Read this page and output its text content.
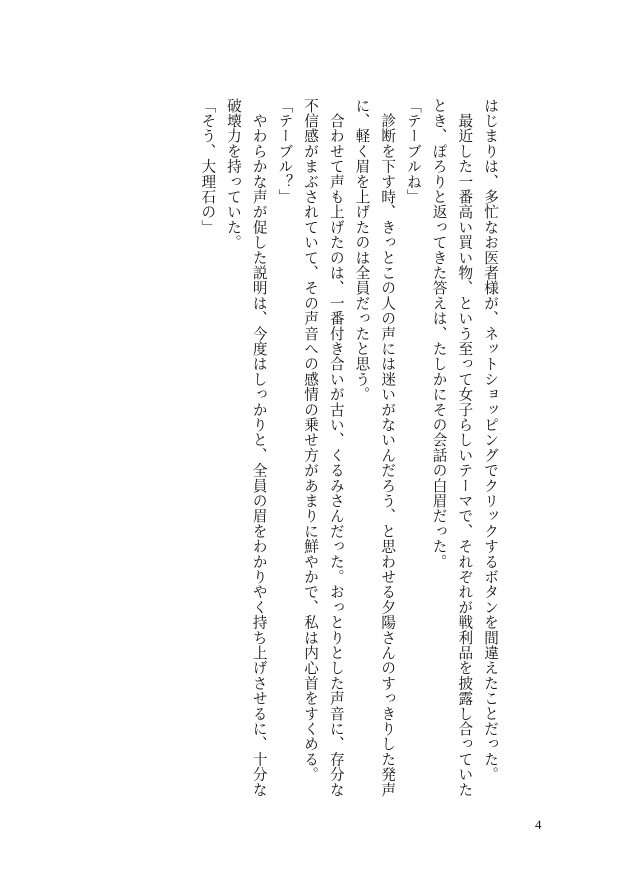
はじまりは、多忙なお医者様が、ネットショッピングでクリックするボタンを間違えたことだった。

　最近した一番高い買い物、という至って女子らしいテーマで、それぞれが戦利品を披露し合っていたとき、ぽろりと返ってきた答えは、たしかにその会話の白眉だった。

「テーブルね」

　診断を下す時、きっとこの人の声には迷いがないんだろう、と思わせる夕陽さんのすっきりした発声に、軽く眉を上げたのは全員だったと思う。

　合わせて声も上げたのは、一番付き合いが古い、くるみさんだった。おっとりとした声音に、存分な不信感がまぶされていて、その声音への感情の乗せ方があまりに鮮やかで、私は内心首をすくめる。

「テーブル？」

　やわらかな声が促した説明は、今度はしっかりと、全員の眉をわかりやく持ち上げさせるに、十分な破壊力を持っていた。

「そう、大理石の」

4
